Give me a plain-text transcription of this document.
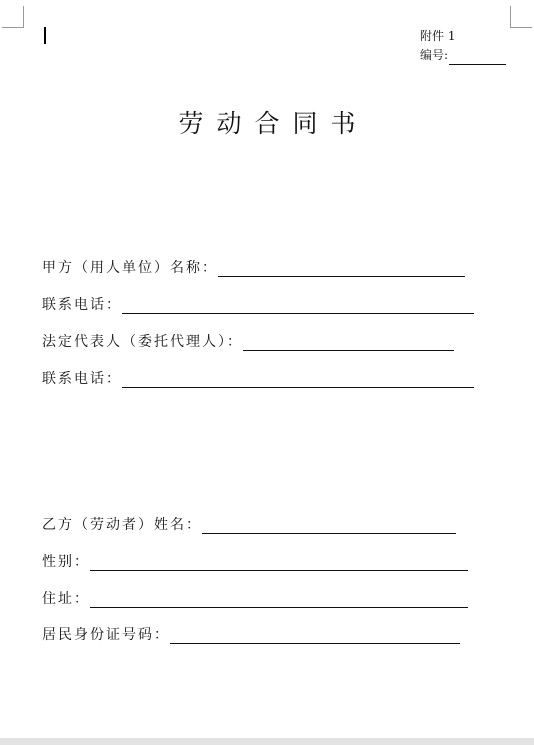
附件 1
编号:
劳动合同书
甲方（用人单位）名称：
联系电话：
法定代表人（委托代理人）：
联系电话：
乙方（劳动者）姓名：
性别：
住址：
居民身份证号码：
